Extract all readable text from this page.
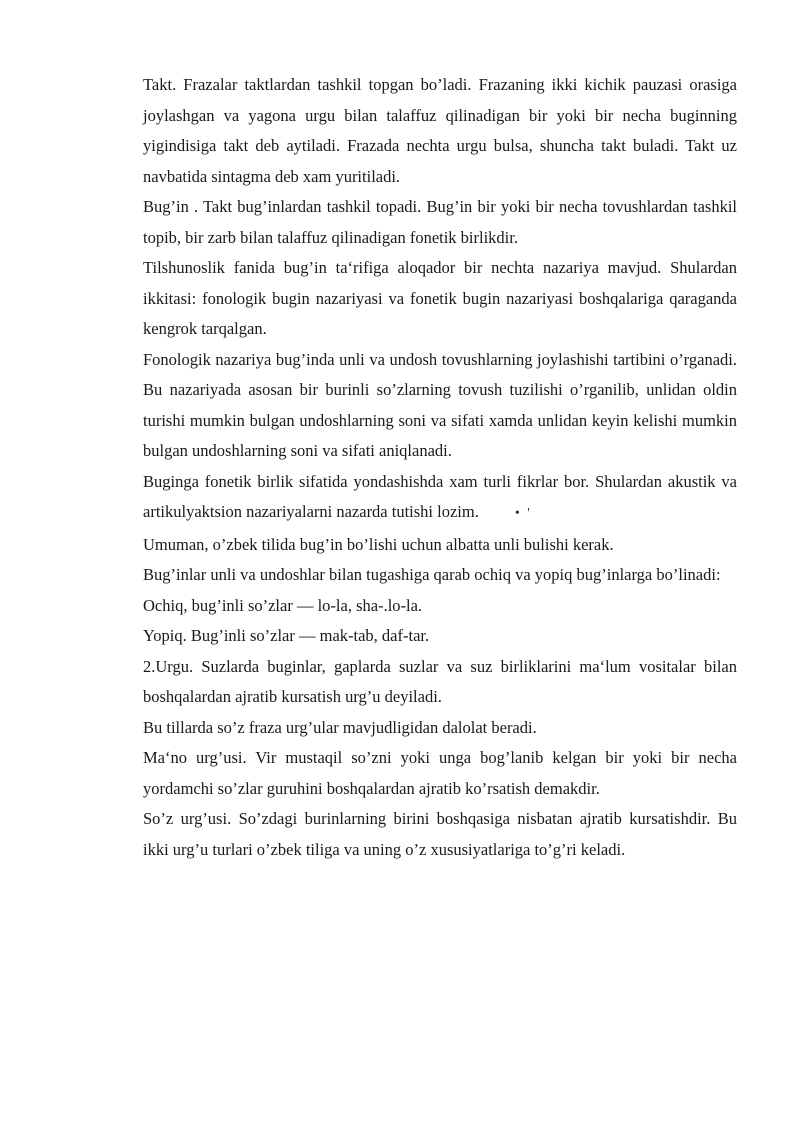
Takt. Frazalar taktlardan tashkil topgan bo’ladi. Frazaning ikki kichik pauzasi orasiga joylashgan va yagona urgu bilan talaffuz qilinadigan bir yoki bir necha buginning yigindisiga takt deb aytiladi. Frazada nechta urgu bulsa, shuncha takt buladi. Takt uz navbatida sintagma deb xam yuritiladi.

Bug’in . Takt bug’inlardan tashkil topadi. Bug’in bir yoki bir necha tovushlardan tashkil topib, bir zarb bilan talaffuz qilinadigan fonetik birlikdir.

Tilshunoslik fanida bug’in ta‘rifiga aloqador bir nechta nazariya mavjud. Shulardan ikkitasi: fonologik bugin nazariyasi va fonetik bugin nazariyasi boshqalariga qaraganda kengrok tarqalgan.

Fonologik nazariya bug’inda unli va undosh tovushlarning joylashishi tartibini o’rganadi. Bu nazariyada asosan bir burinli so’zlarning tovush tuzilishi o’rganilib, unlidan oldin turishi mumkin bulgan undoshlarning soni va sifati xamda unlidan keyin kelishi mumkin bulgan undoshlarning soni va sifati aniqlanadi.

Buginga fonetik birlik sifatida yondashishda xam turli fikrlar bor. Shulardan akustik va artikulyaktsion nazariyalarni nazarda tutishi lozim.	• '

Umuman, o’zbek tilida bug’in bo’lishi uchun albatta unli bulishi kerak.

Bug’inlar unli va undoshlar bilan tugashiga qarab ochiq va yopiq bug’inlarga bo’linadi:

Ochiq, bug’inli so’zlar — lo-la, sha-.lo-la.

Yopiq. Bug’inli so’zlar — mak-tab, daf-tar.

2.Urgu. Suzlarda buginlar, gaplarda suzlar va suz birliklarini ma‘lum vositalar bilan boshqalardan ajratib kursatish urg’u deyiladi.

Bu tillarda so’z fraza urg’ular mavjudligidan dalolat beradi.

Ma‘no urg’usi. Vir mustaqil so’zni yoki unga bog’lanib kelgan bir yoki bir necha yordamchi so’zlar guruhini boshqalardan ajratib ko’rsatish demakdir.

So’z urg’usi. So’zdagi burinlarning birini boshqasiga nisbatan ajratib kursatishdir. Bu ikki urg’u turlari o’zbek tiliga va uning o’z xususiyatlariga to’g’ri keladi.
